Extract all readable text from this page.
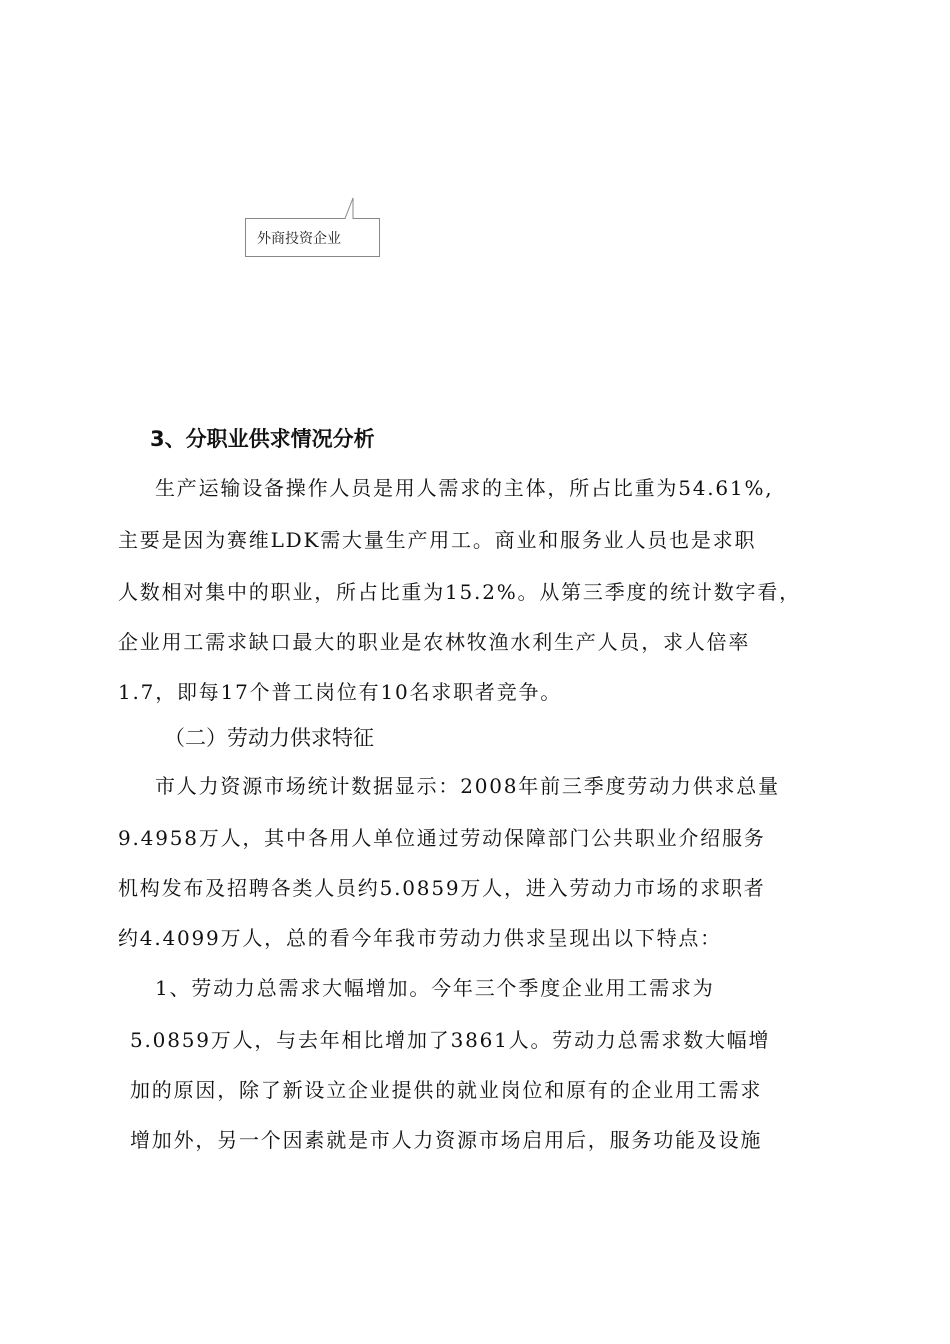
外商投资企业
3、分职业供求情况分析
生产运输设备操作人员是用人需求的主体，所占比重为54.61%,
主要是因为赛维LDK需大量生产用工。商业和服务业人员也是求职
人数相对集中的职业，所占比重为15.2%。从第三季度的统计数字看，
企业用工需求缺口最大的职业是农林牧渔水利生产人员，求人倍率
1.7，即每17个普工岗位有10名求职者竞争。
（二）劳动力供求特征
市人力资源市场统计数据显示：2008年前三季度劳动力供求总量
9.4958万人，其中各用人单位通过劳动保障部门公共职业介绍服务
机构发布及招聘各类人员约5.0859万人，进入劳动力市场的求职者
约4.4099万人，总的看今年我市劳动力供求呈现出以下特点：
1、劳动力总需求大幅增加。今年三个季度企业用工需求为
5.0859万人，与去年相比增加了3861人。劳动力总需求数大幅增
加的原因，除了新设立企业提供的就业岗位和原有的企业用工需求
增加外，另一个因素就是市人力资源市场启用后，服务功能及设施
